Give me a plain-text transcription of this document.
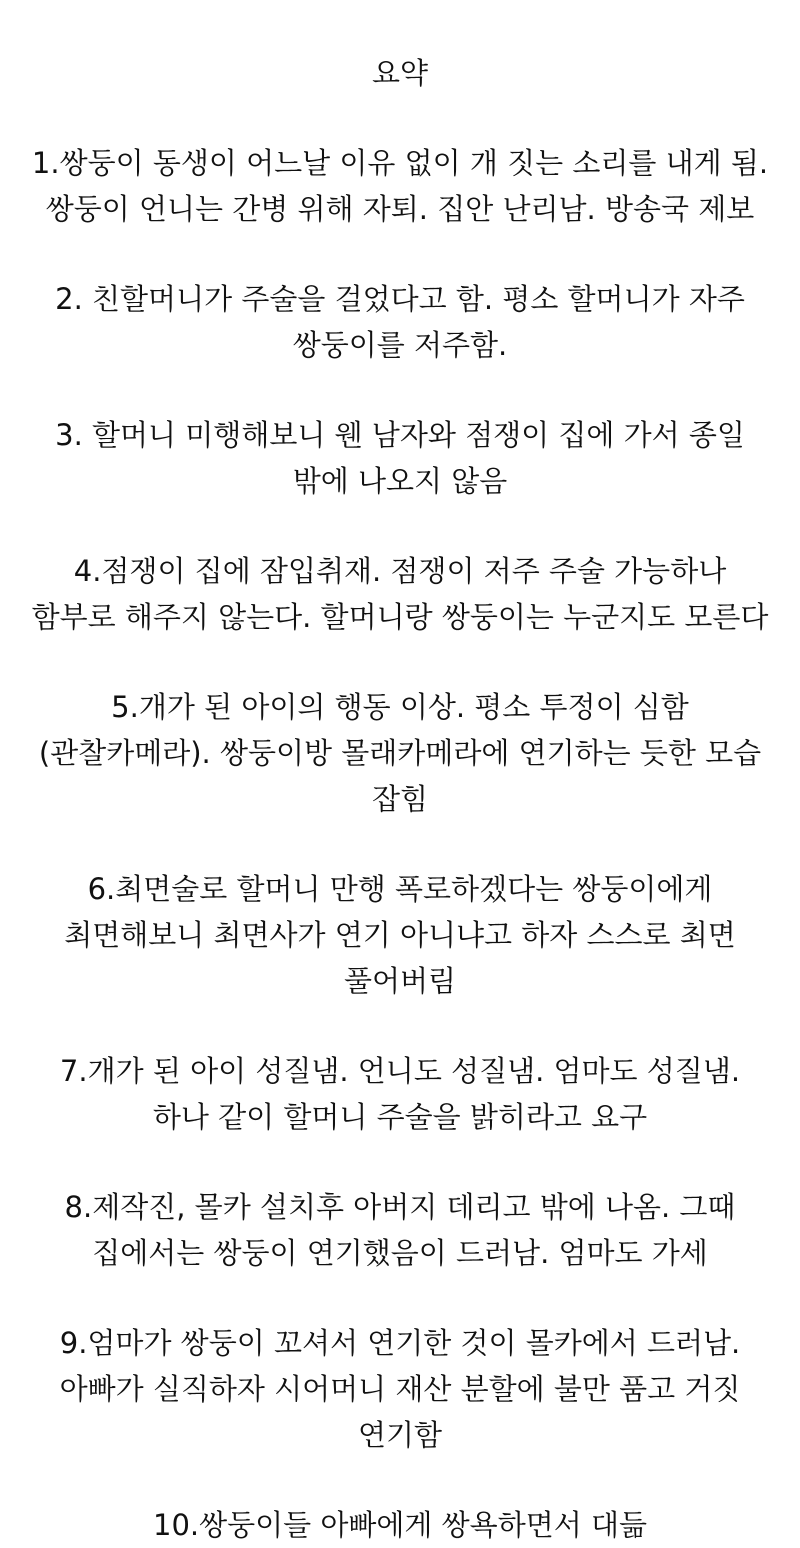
요약
1.쌍둥이 동생이 어느날 이유 없이 개 짓는 소리를 내게 됨. 쌍둥이 언니는 간병 위해 자퇴. 집안 난리남. 방송국 제보
2. 친할머니가 주술을 걸었다고 함. 평소 할머니가 자주 쌍둥이를 저주함.
3. 할머니 미행해보니 웬 남자와 점쟁이 집에 가서 종일 밖에 나오지 않음
4.점쟁이 집에 잠입취재. 점쟁이 저주 주술 가능하나 함부로 해주지 않는다. 할머니랑 쌍둥이는 누군지도 모른다
5.개가 된 아이의 행동 이상. 평소 투정이 심함(관찰카메라). 쌍둥이방 몰래카메라에 연기하는 듯한 모습 잡힘
6.최면술로 할머니 만행 폭로하겠다는 쌍둥이에게 최면해보니 최면사가 연기 아니냐고 하자 스스로 최면 풀어버림
7.개가 된 아이 성질냄. 언니도 성질냄. 엄마도 성질냄. 하나 같이 할머니 주술을 밝히라고 요구
8.제작진, 몰카 설치후 아버지 데리고 밖에 나옴. 그때 집에서는 쌍둥이 연기했음이 드러남. 엄마도 가세
9.엄마가 쌍둥이 꼬셔서 연기한 것이 몰카에서 드러남. 아빠가 실직하자 시어머니 재산 분할에 불만 품고 거짓 연기함
10.쌍둥이들 아빠에게 쌍욕하면서 대듦
